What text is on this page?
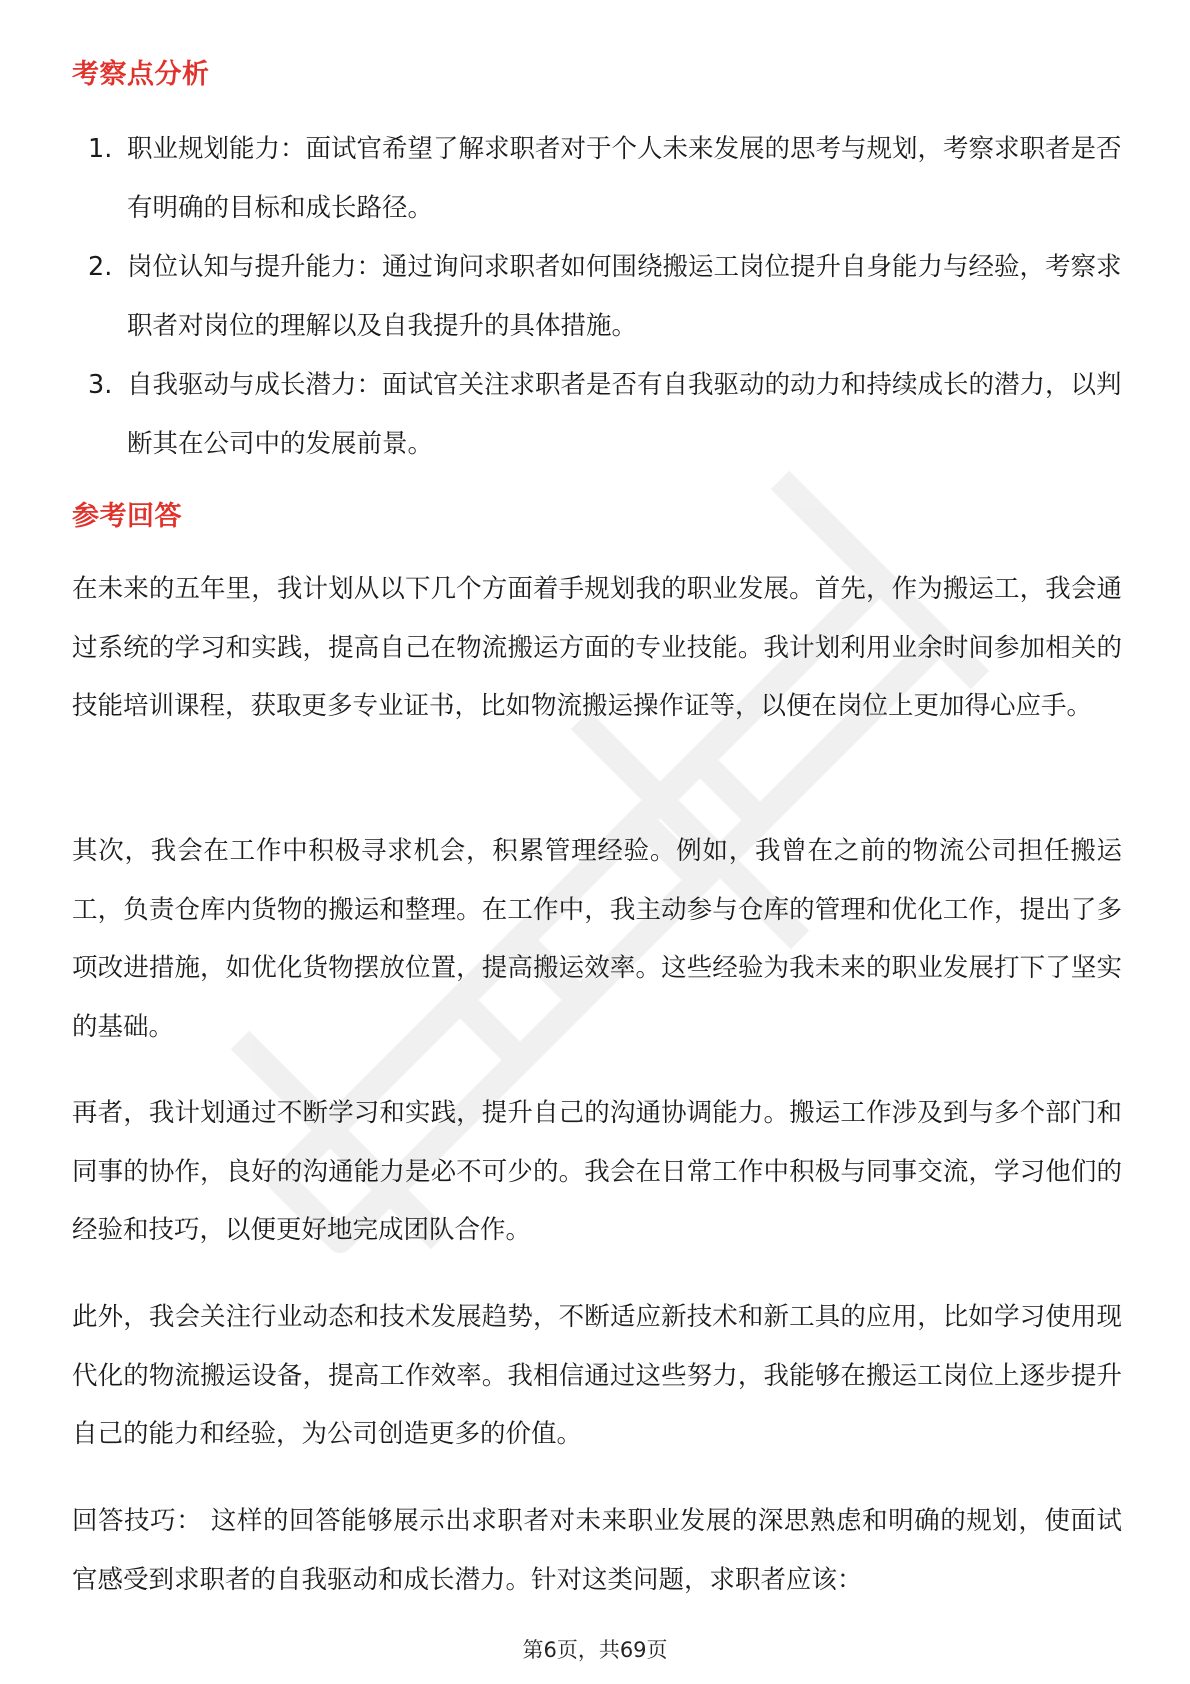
考察点分析
1. 职业规划能力：面试官希望了解求职者对于个人未来发展的思考与规划，考察求职者是否有明确的目标和成长路径。
2. 岗位认知与提升能力：通过询问求职者如何围绕搬运工岗位提升自身能力与经验，考察求职者对岗位的理解以及自我提升的具体措施。
3. 自我驱动与成长潜力：面试官关注求职者是否有自我驱动的动力和持续成长的潜力，以判断其在公司中的发展前景。
参考回答

在未来的五年里，我计划从以下几个方面着手规划我的职业发展。首先，作为搬运工，我会通过系统的学习和实践，提高自己在物流搬运方面的专业技能。我计划利用业余时间参加相关的技能培训课程，获取更多专业证书，比如物流搬运操作证等，以便在岗位上更加得心应手。

其次，我会在工作中积极寻求机会，积累管理经验。例如，我曾在之前的物流公司担任搬运工，负责仓库内货物的搬运和整理。在工作中，我主动参与仓库的管理和优化工作，提出了多项改进措施，如优化货物摆放位置，提高搬运效率。这些经验为我未来的职业发展打下了坚实的基础。

再者，我计划通过不断学习和实践，提升自己的沟通协调能力。搬运工作涉及到与多个部门和同事的协作，良好的沟通能力是必不可少的。我会在日常工作中积极与同事交流，学习他们的经验和技巧，以便更好地完成团队合作。

此外，我会关注行业动态和技术发展趋势，不断适应新技术和新工具的应用，比如学习使用现代化的物流搬运设备，提高工作效率。我相信通过这些努力，我能够在搬运工岗位上逐步提升自己的能力和经验，为公司创造更多的价值。

回答技巧： 这样的回答能够展示出求职者对未来职业发展的深思熟虑和明确的规划，使面试官感受到求职者的自我驱动和成长潜力。针对这类问题，求职者应该：

第6页，共69页
